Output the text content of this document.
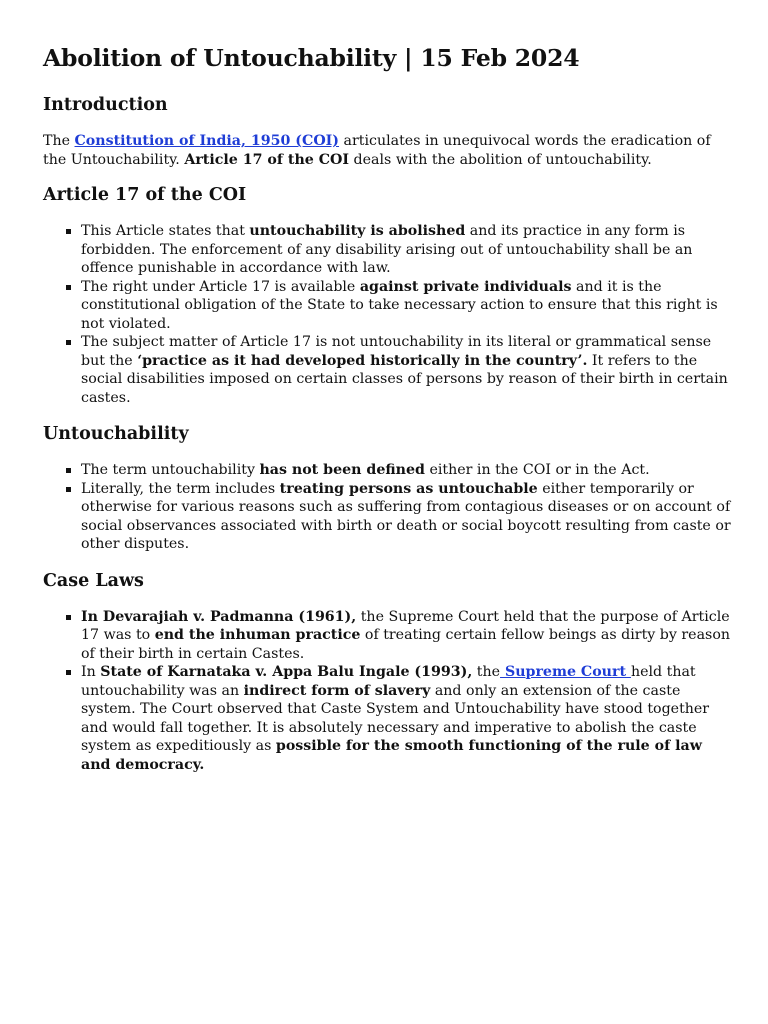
Abolition of Untouchability | 15 Feb 2024
Introduction

The Constitution of India, 1950 (COI) articulates in unequivocal words the eradication of the Untouchability. Article 17 of the COI deals with the abolition of untouchability.

Article 17 of the COI
This Article states that untouchability is abolished and its practice in any form is forbidden. The enforcement of any disability arising out of untouchability shall be an offence punishable in accordance with law.
The right under Article 17 is available against private individuals and it is the constitutional obligation of the State to take necessary action to ensure that this right is not violated.
The subject matter of Article 17 is not untouchability in its literal or grammatical sense but the ‘practice as it had developed historically in the country’. It refers to the social disabilities imposed on certain classes of persons by reason of their birth in certain castes.
Untouchability
The term untouchability has not been defined either in the COI or in the Act.
Literally, the term includes treating persons as untouchable either temporarily or otherwise for various reasons such as suffering from contagious diseases or on account of social observances associated with birth or death or social boycott resulting from caste or other disputes.
Case Laws
In Devarajiah v. Padmanna (1961), the Supreme Court held that the purpose of Article 17 was to end the inhuman practice of treating certain fellow beings as dirty by reason of their birth in certain Castes.
In State of Karnataka v. Appa Balu Ingale (1993), the Supreme Court held that untouchability was an indirect form of slavery and only an extension of the caste system. The Court observed that Caste System and Untouchability have stood together and would fall together. It is absolutely necessary and imperative to abolish the caste system as expeditiously as possible for the smooth functioning of the rule of law and democracy.
